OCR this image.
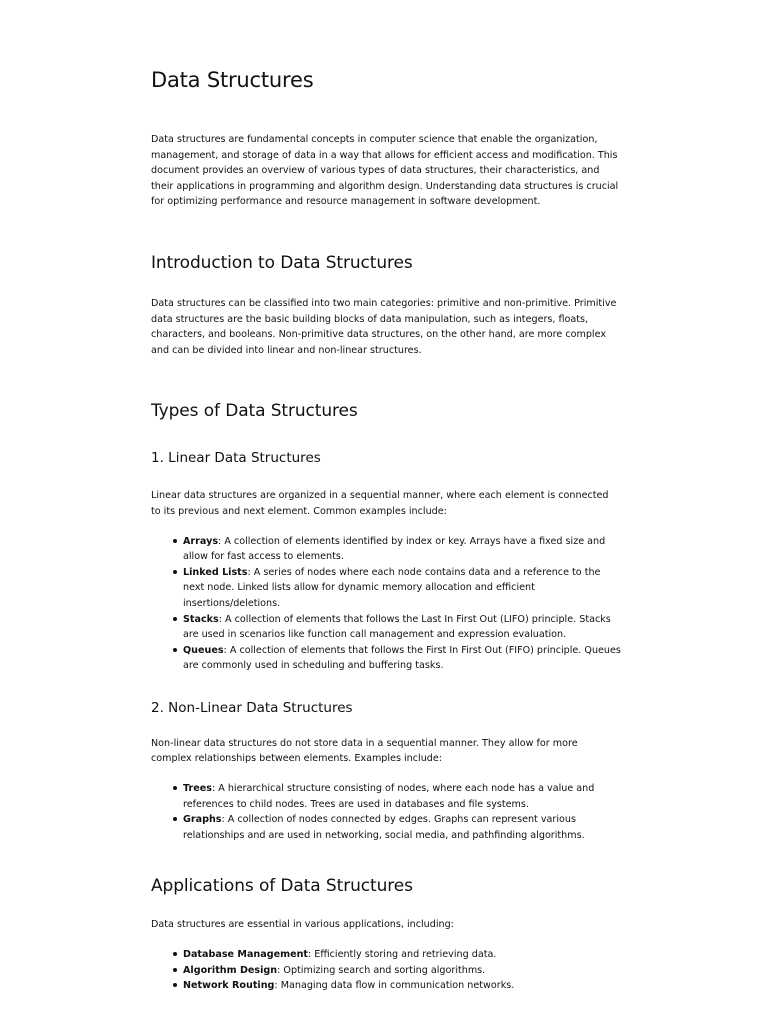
Data Structures

Data structures are fundamental concepts in computer science that enable the organization, management, and storage of data in a way that allows for efficient access and modification. This document provides an overview of various types of data structures, their characteristics, and their applications in programming and algorithm design. Understanding data structures is crucial for optimizing performance and resource management in software development.

Introduction to Data Structures

Data structures can be classified into two main categories: primitive and non-primitive. Primitive data structures are the basic building blocks of data manipulation, such as integers, floats, characters, and booleans. Non-primitive data structures, on the other hand, are more complex and can be divided into linear and non-linear structures.

Types of Data Structures
1. Linear Data Structures

Linear data structures are organized in a sequential manner, where each element is connected to its previous and next element. Common examples include:

Arrays: A collection of elements identified by index or key. Arrays have a fixed size and allow for fast access to elements.
Linked Lists: A series of nodes where each node contains data and a reference to the next node. Linked lists allow for dynamic memory allocation and efficient insertions/deletions.
Stacks: A collection of elements that follows the Last In First Out (LIFO) principle. Stacks are used in scenarios like function call management and expression evaluation.
Queues: A collection of elements that follows the First In First Out (FIFO) principle. Queues are commonly used in scheduling and buffering tasks.
2. Non-Linear Data Structures

Non-linear data structures do not store data in a sequential manner. They allow for more complex relationships between elements. Examples include:

Trees: A hierarchical structure consisting of nodes, where each node has a value and references to child nodes. Trees are used in databases and file systems.
Graphs: A collection of nodes connected by edges. Graphs can represent various relationships and are used in networking, social media, and pathfinding algorithms.
Applications of Data Structures

Data structures are essential in various applications, including:

Database Management: Efficiently storing and retrieving data.
Algorithm Design: Optimizing search and sorting algorithms.
Network Routing: Managing data flow in communication networks.
